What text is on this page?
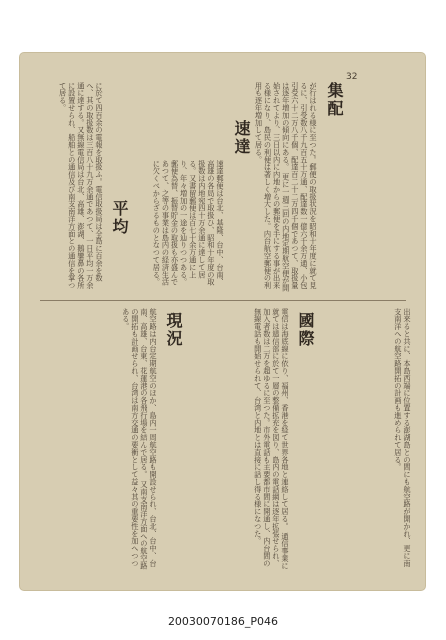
32
集配
が行はれる様に至つた。郵便の取扱状況を昭和十年度に就て見るに、引受数八千九百五十万通、配達数一億六千余万通、小包引受六十二万八千個、配達百二十二万四千個であつて、取扱量は逐年増加の傾向にある。 更に一週三回の内地定期航空便が開始されてより、三日以内に内地からの郵便を手にする事が出来る様になり、島民の利便は著しく増大した。内台航空郵便の利用も逐年増加して居る。
速達
速達郵便は台北、基隆、台中、台南、高雄の各局で取扱ひ、昭和十年度の取扱数は内地宛四十万余通に達して居る。又書留郵便は百七十余万通に上り、年々増加の一途を辿りつつある。 郵便為替、振替貯金の取扱も亦盛んであつて、之等の事業は島内の経済生活に欠くべからざるものとなつて居る。
平均
に於て四百余の電報を取扱ふ。電信取扱局は全島に百余を数へ、其の取扱数は三百八十九万余通であつて、一日平均一万余通に達する。又無線電信局は台北、高雄、澎湖、鵝鑾鼻の各所に設置せられ、船舶との通信及び南支南洋方面との通信を掌つて居る。
出来ると共に、本島西端に位置する澎湖島との間にも航空路が開かれ、更に南支南洋への航空路開拓の計画も進められて居る。
國際
電信は海底線に依り、福州、香港を経て世界各地と連絡して居る。 通信事業に就ては逓信部に於て一層の整備拡充を図り、島内の電話網は逐年拡張せられ、加入者数は二万を超ゆるに至つた。市外電話も主要都市間に開通し、内台間の無線電話も開始せられて、台湾と内地とは直接に話し得る様になつた。
現況
航空路は内台定期航空のほか、島内一周航空路も開設せられ、台北、台中、台南、高雄、台東、花蓮港の各飛行場を結んで居る。 又南支南洋方面への航空路の開拓も計画せられ、台湾は南方交通の要衝として益々其の重要性を加へつつある。
20030070186_P046
